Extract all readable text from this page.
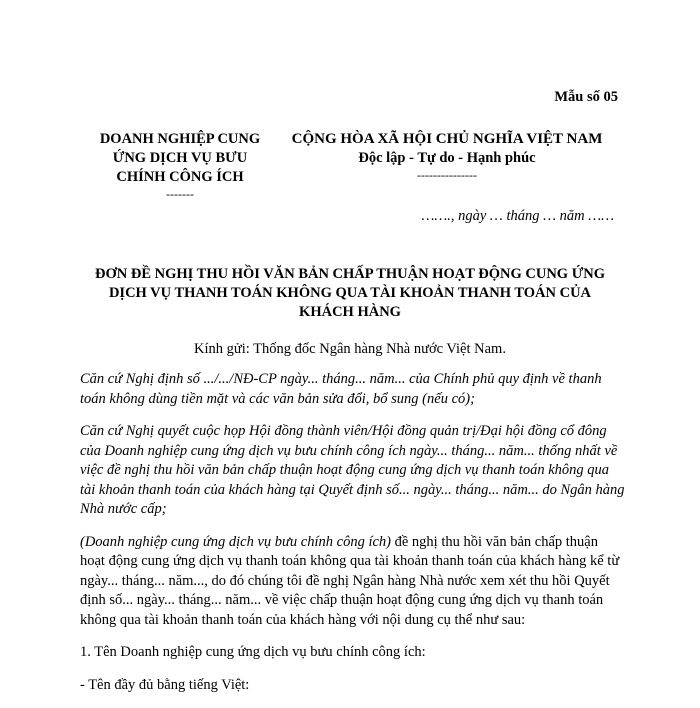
Mẫu số 05
DOANH NGHIỆP CUNG
ỨNG DỊCH VỤ BƯU
CHÍNH CÔNG ÍCH
-------
CỘNG HÒA XÃ HỘI CHỦ NGHĨA VIỆT NAM
Độc lập - Tự do - Hạnh phúc
---------------
……., ngày … tháng … năm ……
ĐƠN ĐỀ NGHỊ THU HỒI VĂN BẢN CHẤP THUẬN HOẠT ĐỘNG CUNG ỨNG
DỊCH VỤ THANH TOÁN KHÔNG QUA TÀI KHOẢN THANH TOÁN CỦA
KHÁCH HÀNG
Kính gửi: Thống đốc Ngân hàng Nhà nước Việt Nam.

Căn cứ Nghị định số .../.../NĐ-CP ngày... tháng... năm... của Chính phủ quy định về thanh toán không dùng tiền mặt và các văn bản sửa đổi, bổ sung (nếu có);

Căn cứ Nghị quyết cuộc họp Hội đồng thành viên/Hội đồng quản trị/Đại hội đồng cổ đông của Doanh nghiệp cung ứng dịch vụ bưu chính công ích ngày... tháng... năm... thống nhất về việc đề nghị thu hồi văn bản chấp thuận hoạt động cung ứng dịch vụ thanh toán không qua tài khoản thanh toán của khách hàng tại Quyết định số... ngày... tháng... năm... do Ngân hàng Nhà nước cấp;

(Doanh nghiệp cung ứng dịch vụ bưu chính công ích) đề nghị thu hồi văn bản chấp thuận hoạt động cung ứng dịch vụ thanh toán không qua tài khoản thanh toán của khách hàng kể từ ngày... tháng... năm..., do đó chúng tôi đề nghị Ngân hàng Nhà nước xem xét thu hồi Quyết định số... ngày... tháng... năm... về việc chấp thuận hoạt động cung ứng dịch vụ thanh toán không qua tài khoản thanh toán của khách hàng với nội dung cụ thể như sau:

1. Tên Doanh nghiệp cung ứng dịch vụ bưu chính công ích:

- Tên đầy đủ bằng tiếng Việt:
